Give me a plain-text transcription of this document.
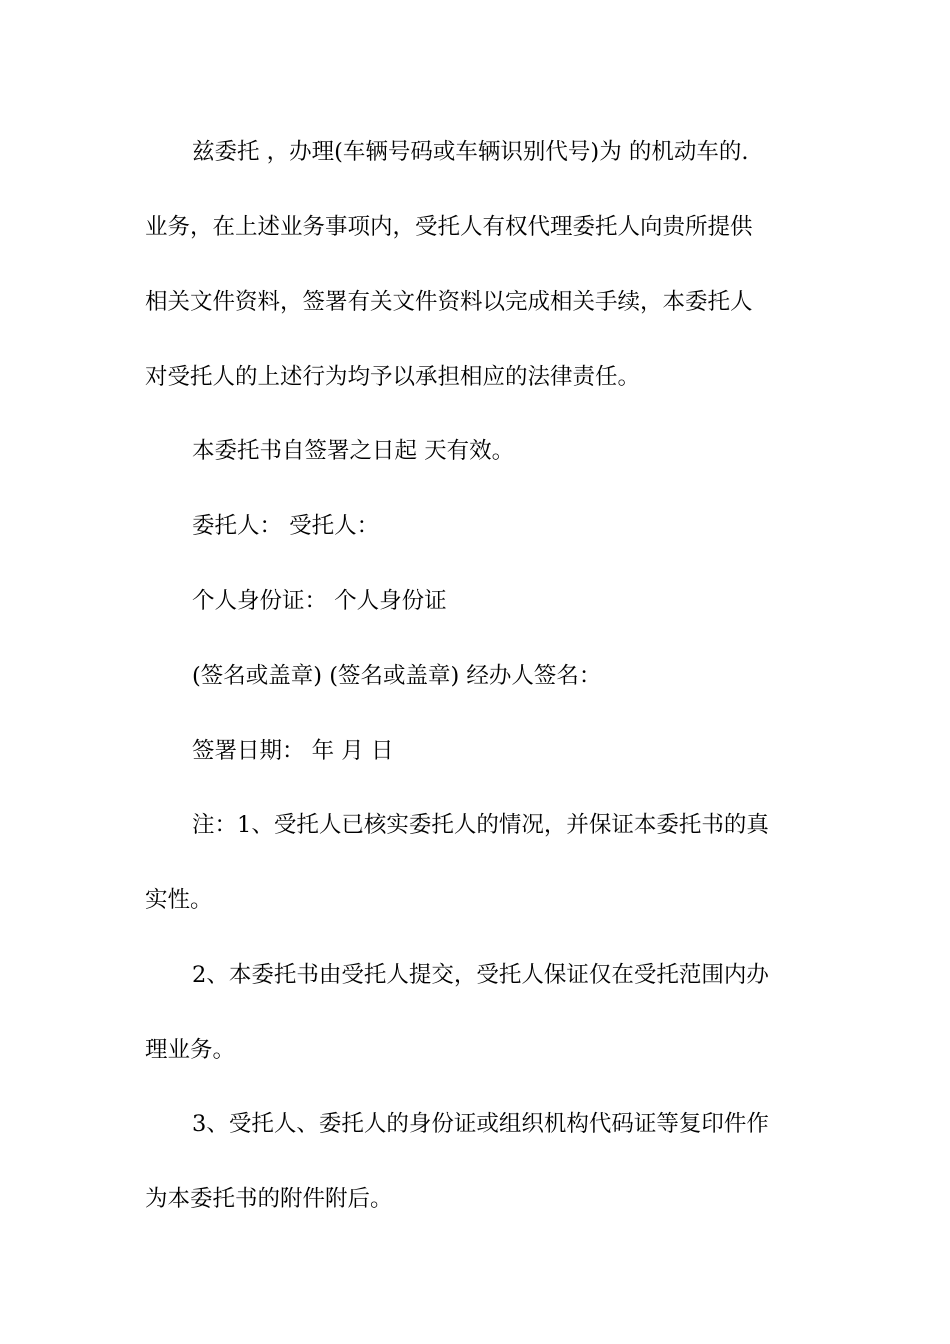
兹委托 ，办理(车辆号码或车辆识别代号)为 的机动车的.
业务，在上述业务事项内，受托人有权代理委托人向贵所提供
相关文件资料，签署有关文件资料以完成相关手续，本委托人
对受托人的上述行为均予以承担相应的法律责任。
本委托书自签署之日起 天有效。
委托人： 受托人：
个人身份证： 个人身份证
(签名或盖章) (签名或盖章) 经办人签名：
签署日期： 年 月 日
注：1、受托人已核实委托人的情况，并保证本委托书的真
实性。
2、本委托书由受托人提交，受托人保证仅在受托范围内办
理业务。
3、受托人、委托人的身份证或组织机构代码证等复印件作
为本委托书的附件附后。
